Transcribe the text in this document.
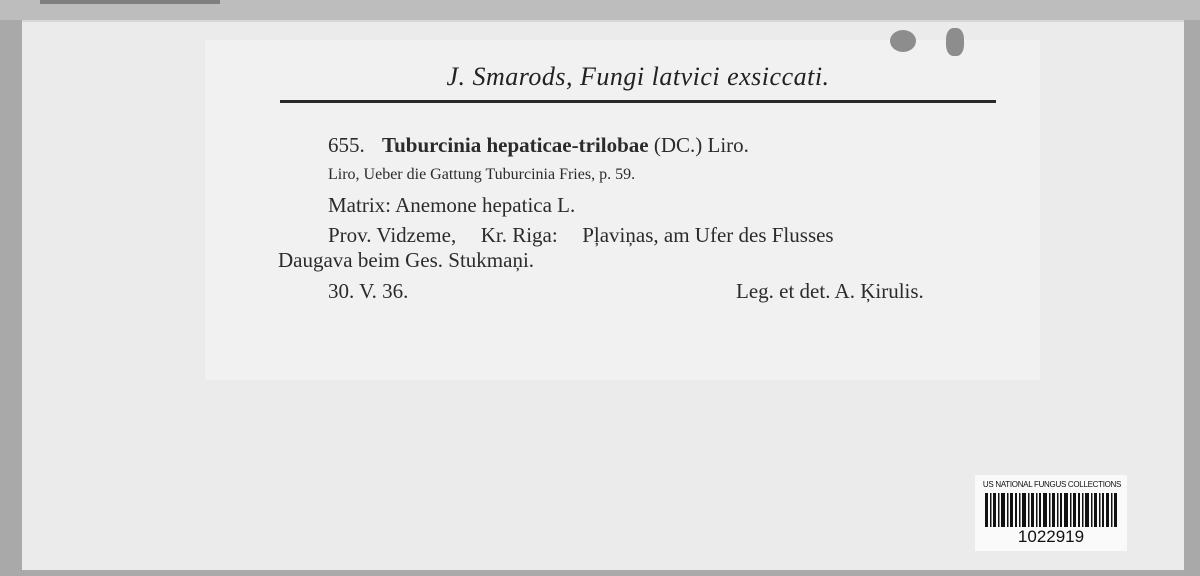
J. Smarods, Fungi latvici exsiccati.
655. Tuburcinia hepaticae-trilobae (DC.) Liro.
Liro, Ueber die Gattung Tuburcinia Fries, p. 59.
Matrix: Anemone hepatica L.
Prov. Vidzeme, Kr. Riga: Pļaviņas, am Ufer des Flusses
Daugava beim Ges. Stukmaņi.
30. V. 36.	Leg. et det. A. Ķirulis.
US NATIONAL FUNGUS COLLECTIONS
1022919
